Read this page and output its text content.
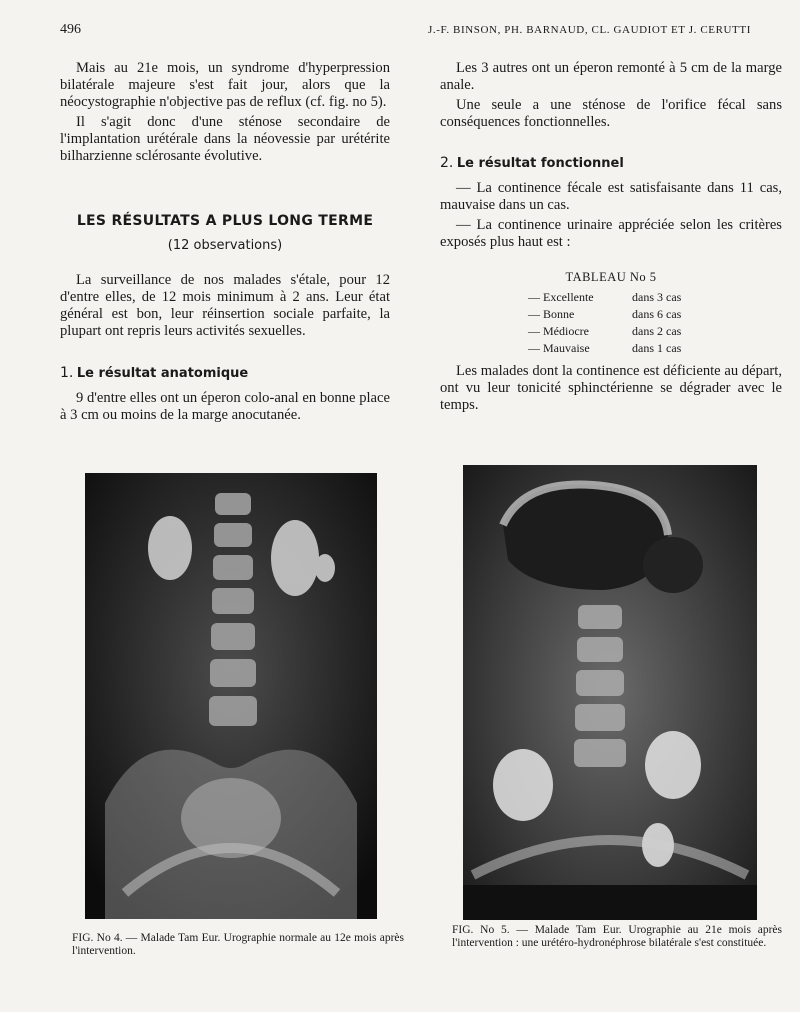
496	J.-F. BINSON, PH. BARNAUD, CL. GAUDIOT ET J. CERUTTI

Mais au 21e mois, un syndrome d'hyperpression bilatérale majeure s'est fait jour, alors que la néocystographie n'objective pas de reflux (cf. fig. no 5).

Il s'agit donc d'une sténose secondaire de l'implantation urétérale dans la néovessie par urétérite bilharzienne sclérosante évolutive.

LES RÉSULTATS A PLUS LONG TERME
(12 observations)

La surveillance de nos malades s'étale, pour 12 d'entre elles, de 12 mois minimum à 2 ans. Leur état général est bon, leur réinsertion sociale parfaite, la plupart ont repris leurs activités sexuelles.

1. Le résultat anatomique

9 d'entre elles ont un éperon colo-anal en bonne place à 3 cm ou moins de la marge anocutanée.

Les 3 autres ont un éperon remonté à 5 cm de la marge anale.

Une seule a une sténose de l'orifice fécal sans conséquences fonctionnelles.

2. Le résultat fonctionnel

— La continence fécale est satisfaisante dans 11 cas, mauvaise dans un cas.

— La continence urinaire appréciée selon les critères exposés plus haut est :

TABLEAU No 5
— Excellente	dans 3 cas
— Bonne	dans 6 cas
— Médiocre	dans 2 cas
— Mauvaise	dans 1 cas

Les malades dont la continence est déficiente au départ, ont vu leur tonicité sphinctérienne se dégrader avec le temps.

FIG. No 4. — Malade Tam Eur. Urographie normale au 12e mois après l'intervention.
FIG. No 5. — Malade Tam Eur. Urographie au 21e mois après l'intervention : une urétéro-hydronéphrose bilatérale s'est constituée.
